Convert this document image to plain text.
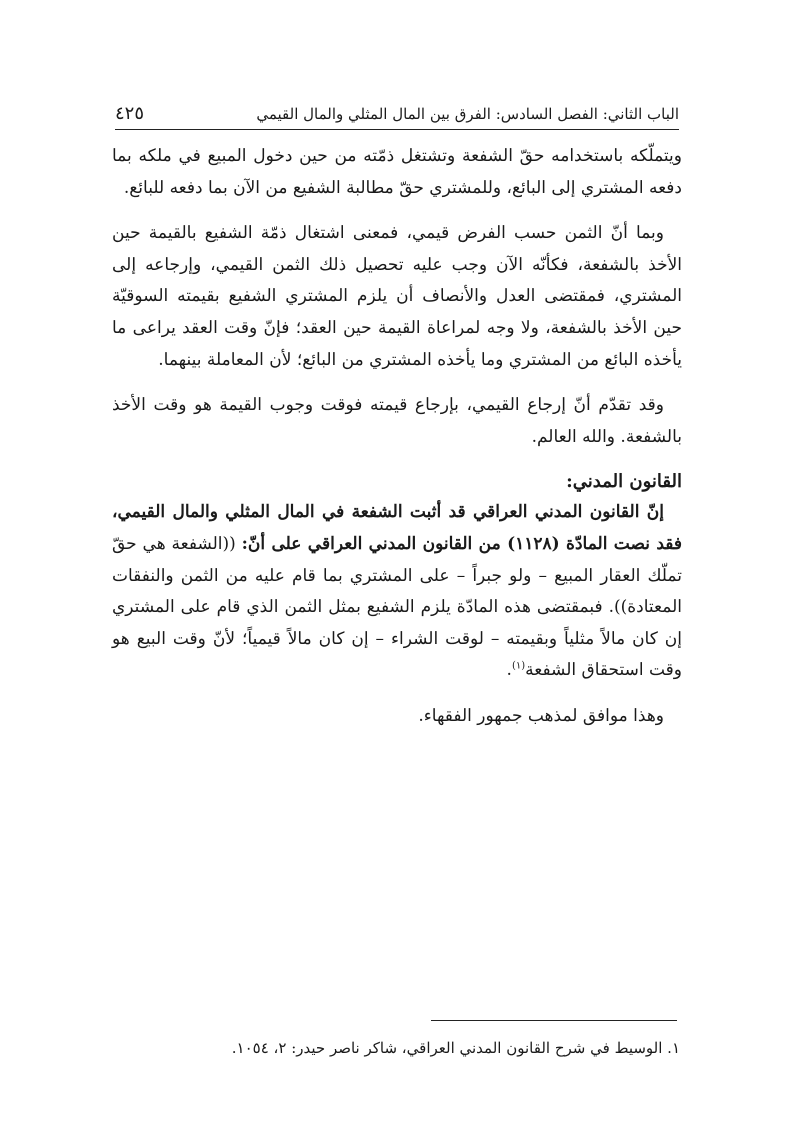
الباب الثاني: الفصل السادس: الفرق بين المال المثلي والمال القيمي
٤٢٥

ويتملّكه باستخدامه حقّ الشفعة وتشتغل ذمّته من حين دخول المبيع في ملكه بما دفعه المشتري إلى البائع، وللمشتري حقّ مطالبة الشفيع من الآن بما دفعه للبائع.

وبما أنّ الثمن حسب الفرض قيمي، فمعنى اشتغال ذمّة الشفيع بالقيمة حين الأخذ بالشفعة، فكأنّه الآن وجب عليه تحصيل ذلك الثمن القيمي، وإرجاعه إلى المشتري، فمقتضى العدل والأنصاف أن يلزم المشتري الشفيع بقيمته السوقيّة حين الأخذ بالشفعة، ولا وجه لمراعاة القيمة حين العقد؛ فإنّ وقت العقد يراعى ما يأخذه البائع من المشتري وما يأخذه المشتري من البائع؛ لأن المعاملة بينهما.

وقد تقدّم أنّ إرجاع القيمي، بإرجاع قيمته فوقت وجوب القيمة هو وقت الأخذ بالشفعة. والله العالم.

القانون المدني:

إنّ القانون المدني العراقي قد أثبت الشفعة في المال المثلي والمال القيمي، فقد نصت المادّة (١١٢٨) من القانون المدني العراقي على أنّ: ((الشفعة هي حقّ تملّك العقار المبيع – ولو جبراً – على المشتري بما قام عليه من الثمن والنفقات المعتادة)). فبمقتضى هذه المادّة يلزم الشفيع بمثل الثمن الذي قام على المشتري إن كان مالاً مثلياً وبقيمته – لوقت الشراء – إن كان مالاً قيمياً؛ لأنّ وقت البيع هو وقت استحقاق الشفعة$^{(١)}$.

وهذا موافق لمذهب جمهور الفقهاء.

١. الوسيط في شرح القانون المدني العراقي، شاكر ناصر حيدر: ٢، ١٠٥٤.
